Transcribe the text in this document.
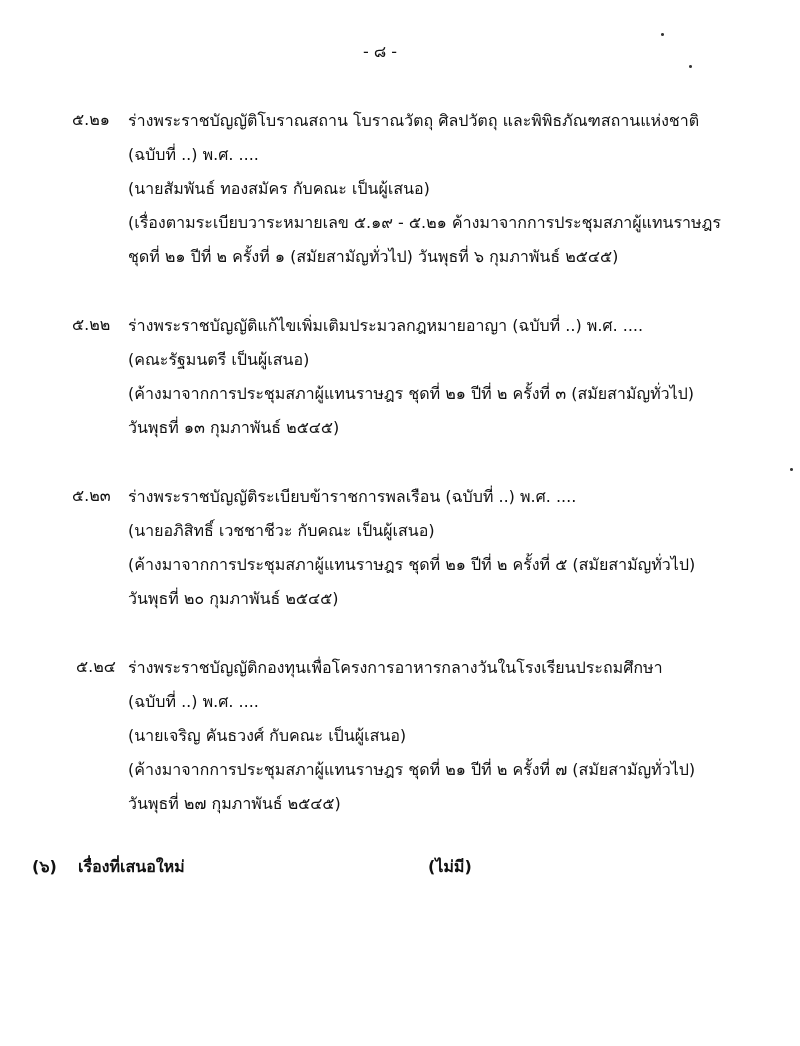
- ๘ -
๕.๒๑ ร่างพระราชบัญญัติโบราณสถาน โบราณวัตถุ ศิลปวัตถุ และพิพิธภัณฑสถานแห่งชาติ
(ฉบับที่ ..) พ.ศ. ....
(นายสัมพันธ์ ทองสมัคร กับคณะ เป็นผู้เสนอ)
(เรื่องตามระเบียบวาระหมายเลข ๕.๑๙ - ๕.๒๑ ค้างมาจากการประชุมสภาผู้แทนราษฎร
ชุดที่ ๒๑ ปีที่ ๒ ครั้งที่ ๑ (สมัยสามัญทั่วไป) วันพุธที่ ๖ กุมภาพันธ์ ๒๕๔๕)
๕.๒๒ ร่างพระราชบัญญัติแก้ไขเพิ่มเติมประมวลกฎหมายอาญา (ฉบับที่ ..) พ.ศ. ....
(คณะรัฐมนตรี เป็นผู้เสนอ)
(ค้างมาจากการประชุมสภาผู้แทนราษฎร ชุดที่ ๒๑ ปีที่ ๒ ครั้งที่ ๓ (สมัยสามัญทั่วไป)
วันพุธที่ ๑๓ กุมภาพันธ์ ๒๕๔๕)
๕.๒๓ ร่างพระราชบัญญัติระเบียบข้าราชการพลเรือน (ฉบับที่ ..) พ.ศ. ....
(นายอภิสิทธิ์ เวชชาชีวะ กับคณะ เป็นผู้เสนอ)
(ค้างมาจากการประชุมสภาผู้แทนราษฎร ชุดที่ ๒๑ ปีที่ ๒ ครั้งที่ ๕ (สมัยสามัญทั่วไป)
วันพุธที่ ๒๐ กุมภาพันธ์ ๒๕๔๕)
๕.๒๔ ร่างพระราชบัญญัติกองทุนเพื่อโครงการอาหารกลางวันในโรงเรียนประถมศึกษา
(ฉบับที่ ..) พ.ศ. ....
(นายเจริญ คันธวงศ์ กับคณะ เป็นผู้เสนอ)
(ค้างมาจากการประชุมสภาผู้แทนราษฎร ชุดที่ ๒๑ ปีที่ ๒ ครั้งที่ ๗ (สมัยสามัญทั่วไป)
วันพุธที่ ๒๗ กุมภาพันธ์ ๒๕๔๕)
(๖) เรื่องที่เสนอใหม่	(ไม่มี)
